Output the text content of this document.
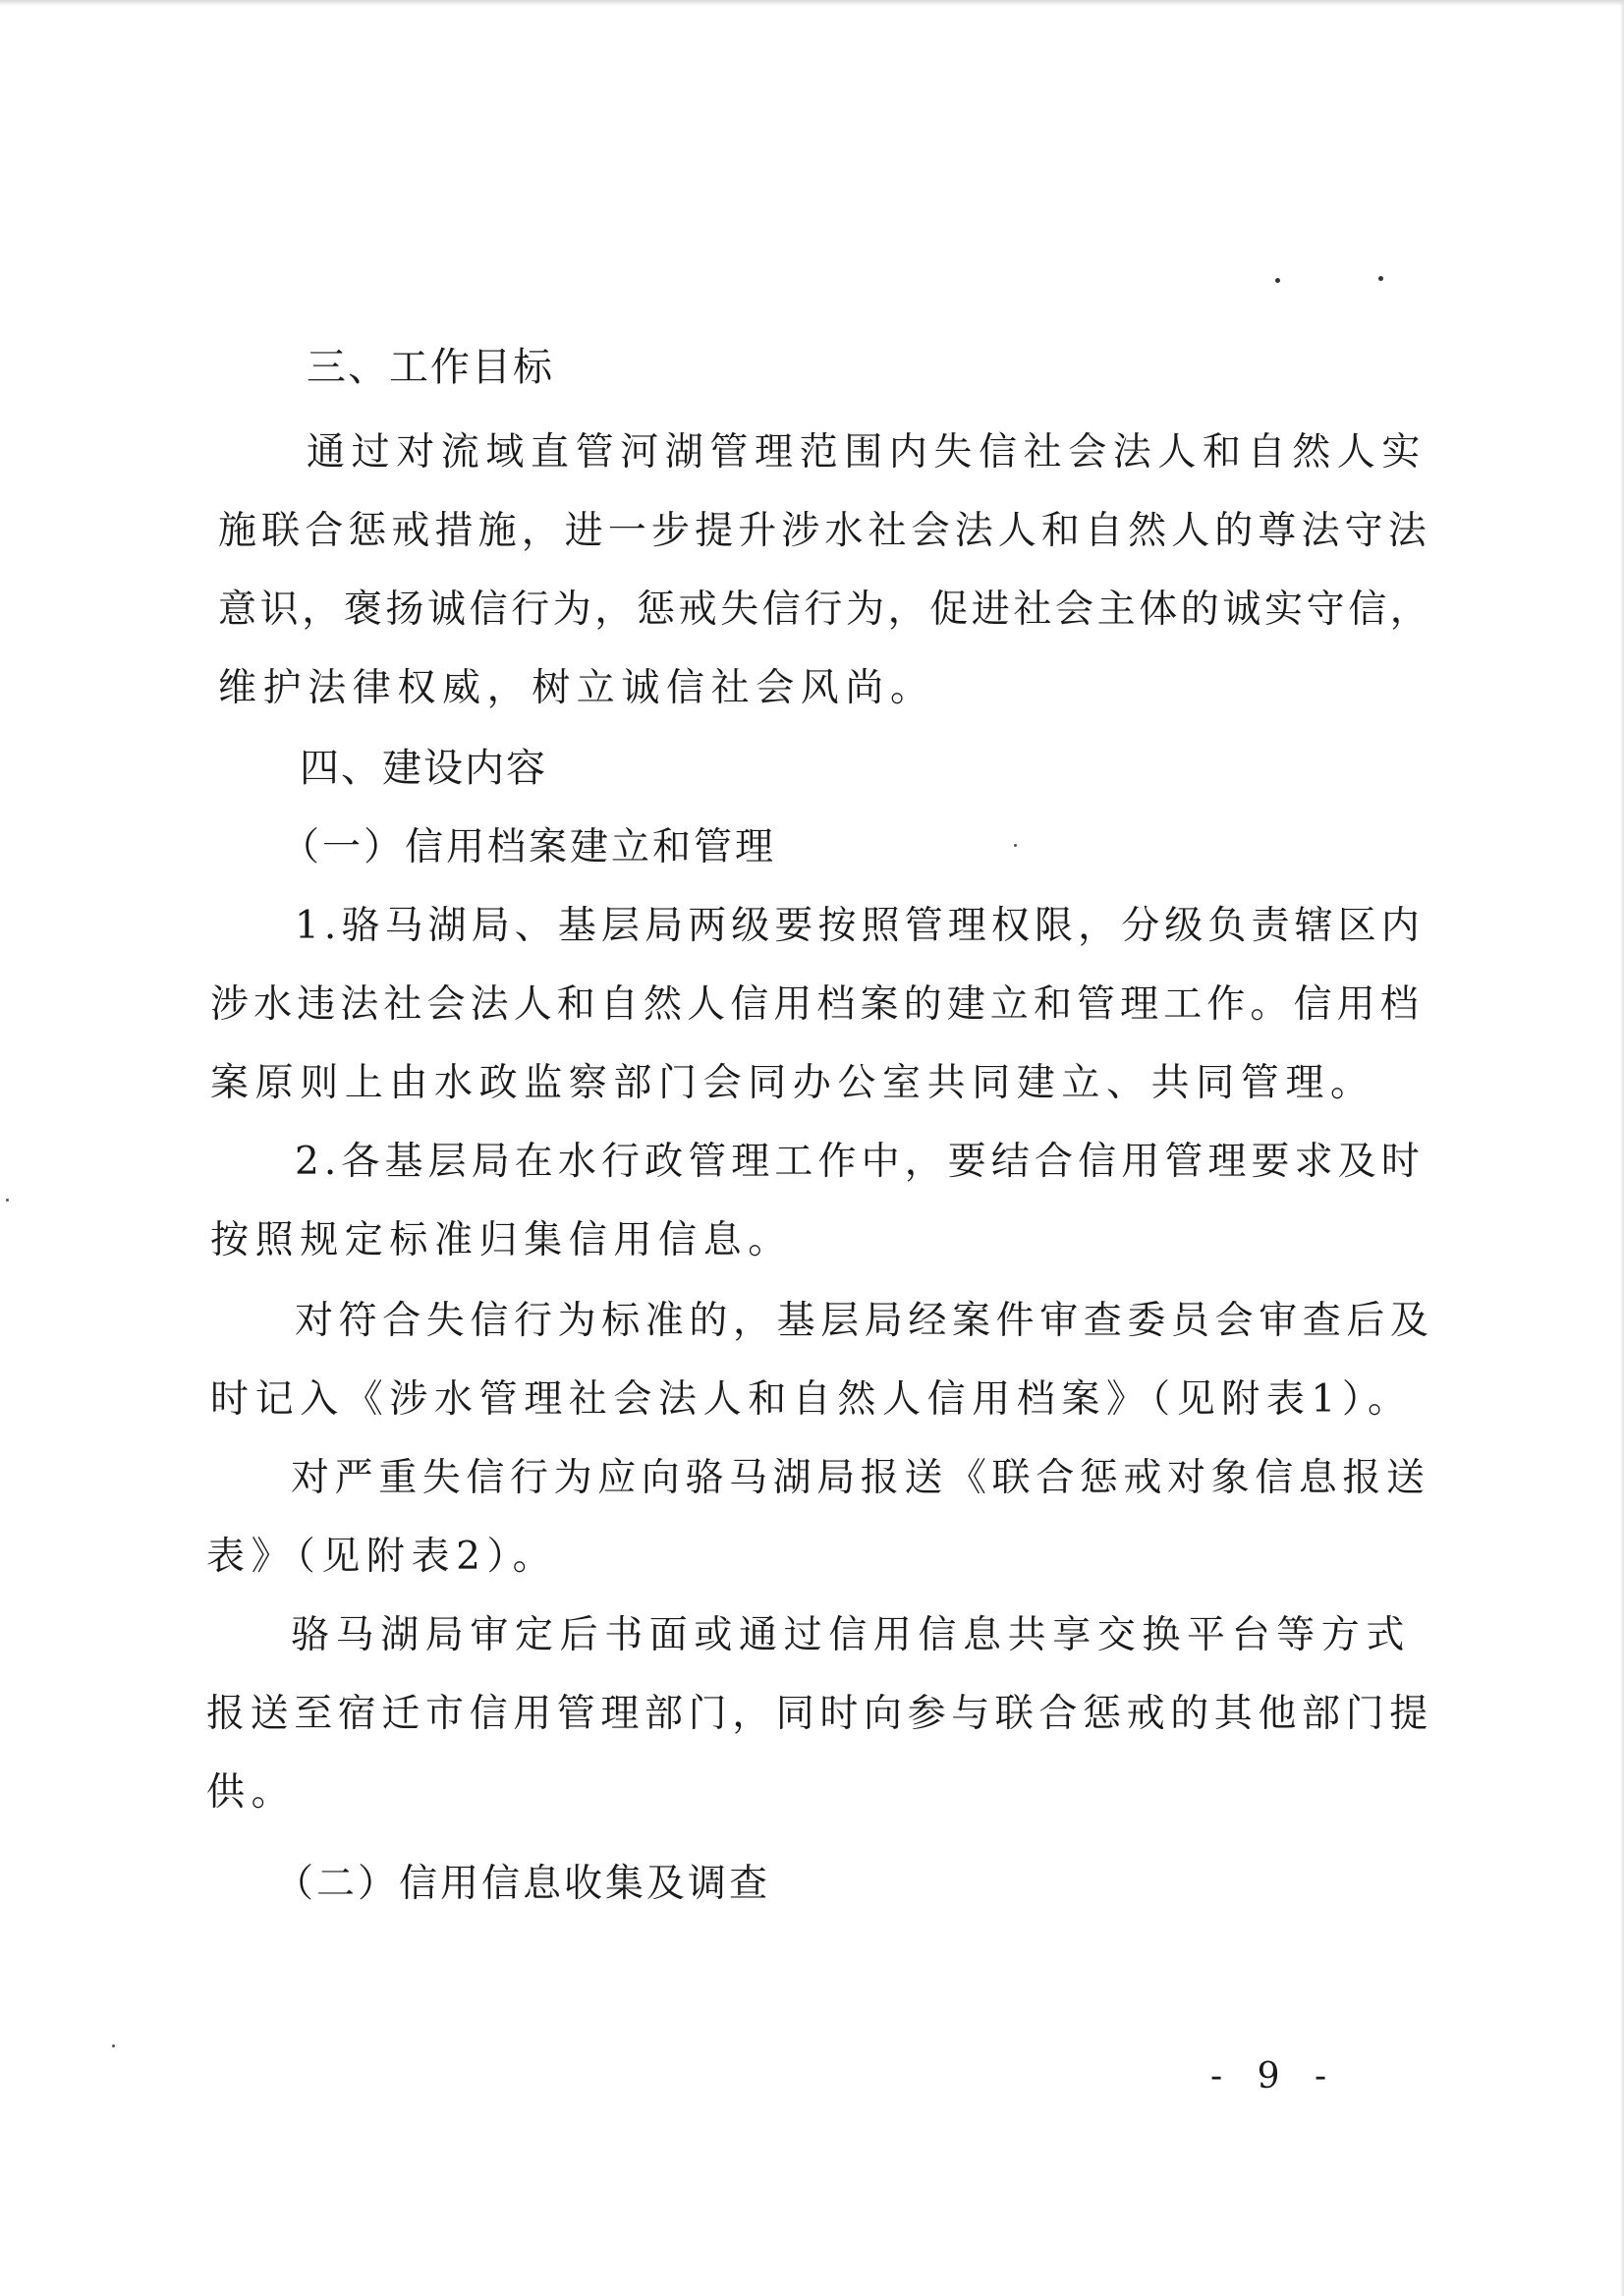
三、工作目标
通过对流域直管河湖管理范围内失信社会法人和自然人实
施联合惩戒措施，进一步提升涉水社会法人和自然人的尊法守法
意识，褒扬诚信行为，惩戒失信行为，促进社会主体的诚实守信，
维护法律权威，树立诚信社会风尚。
四、建设内容
（一）信用档案建立和管理
1.骆马湖局、基层局两级要按照管理权限，分级负责辖区内
涉水违法社会法人和自然人信用档案的建立和管理工作。信用档
案原则上由水政监察部门会同办公室共同建立、共同管理。
2.各基层局在水行政管理工作中，要结合信用管理要求及时
按照规定标准归集信用信息。
对符合失信行为标准的，基层局经案件审查委员会审查后及
时记入《涉水管理社会法人和自然人信用档案》（见附表1）。
对严重失信行为应向骆马湖局报送《联合惩戒对象信息报送
表》（见附表2）。
骆马湖局审定后书面或通过信用信息共享交换平台等方式
报送至宿迁市信用管理部门，同时向参与联合惩戒的其他部门提
供。
（二）信用信息收集及调查
- 9 -
